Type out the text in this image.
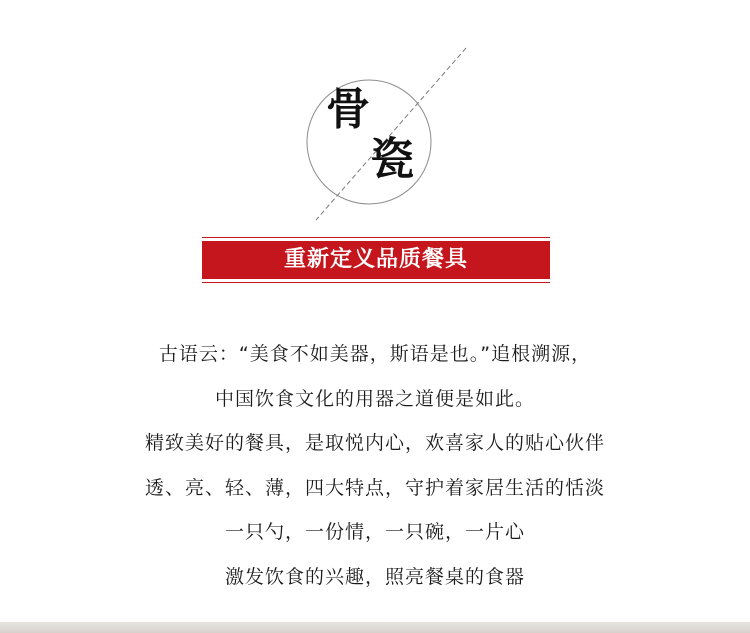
骨
瓷
重新定义品质餐具
古语云：“美食不如美器，斯语是也。”追根溯源，
中国饮食文化的用器之道便是如此。
精致美好的餐具，是取悦内心，欢喜家人的贴心伙伴
透、亮、轻、薄，四大特点，守护着家居生活的恬淡
一只勺，一份情，一只碗，一片心
激发饮食的兴趣，照亮餐桌的食器
